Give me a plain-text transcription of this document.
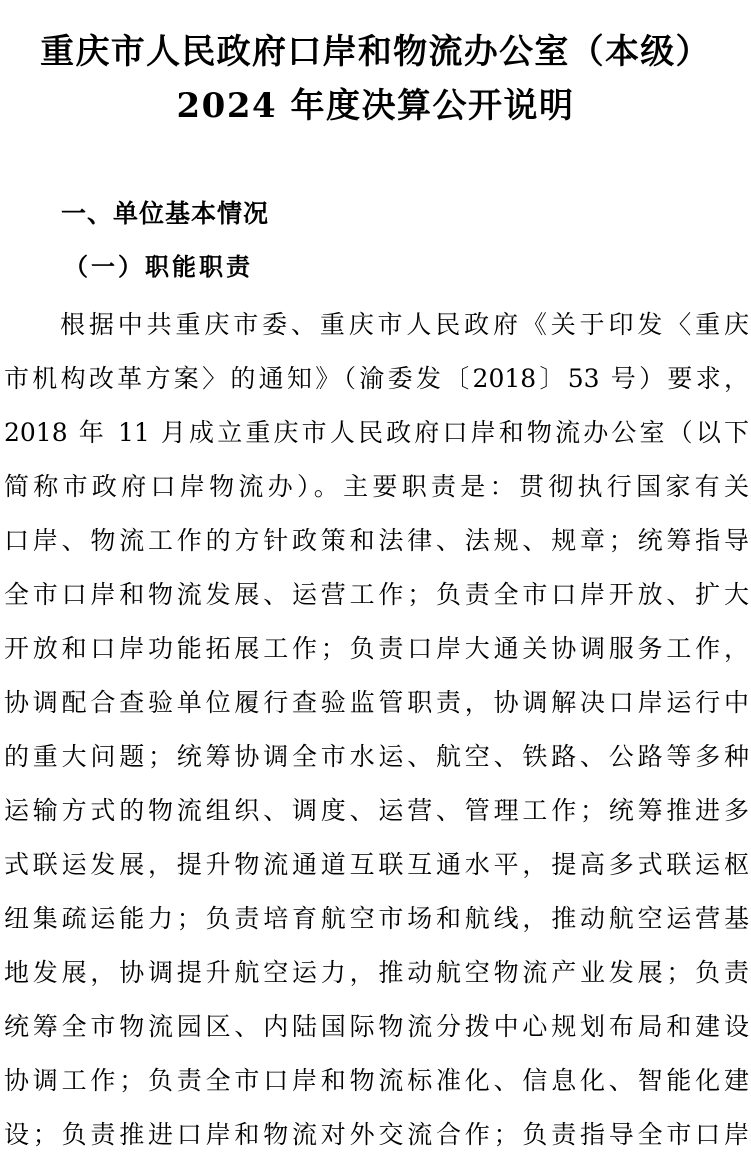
重庆市人民政府口岸和物流办公室（本级）
2024 年度决算公开说明
一、单位基本情况
（一）职能职责
根据中共重庆市委、重庆市人民政府《关于印发〈重庆
市机构改革方案〉的通知》（渝委发〔2018〕53 号）要求，
2018 年 11 月成立重庆市人民政府口岸和物流办公室（以下
简称市政府口岸物流办）。主要职责是：贯彻执行国家有关
口岸、物流工作的方针政策和法律、法规、规章；统筹指导
全市口岸和物流发展、运营工作；负责全市口岸开放、扩大
开放和口岸功能拓展工作；负责口岸大通关协调服务工作，
协调配合查验单位履行查验监管职责，协调解决口岸运行中
的重大问题；统筹协调全市水运、航空、铁路、公路等多种
运输方式的物流组织、调度、运营、管理工作；统筹推进多
式联运发展，提升物流通道互联互通水平，提高多式联运枢
纽集疏运能力；负责培育航空市场和航线，推动航空运营基
地发展，协调提升航空运力，推动航空物流产业发展；负责
统筹全市物流园区、内陆国际物流分拨中心规划布局和建设
协调工作；负责全市口岸和物流标准化、信息化、智能化建
设；负责推进口岸和物流对外交流合作；负责指导全市口岸
